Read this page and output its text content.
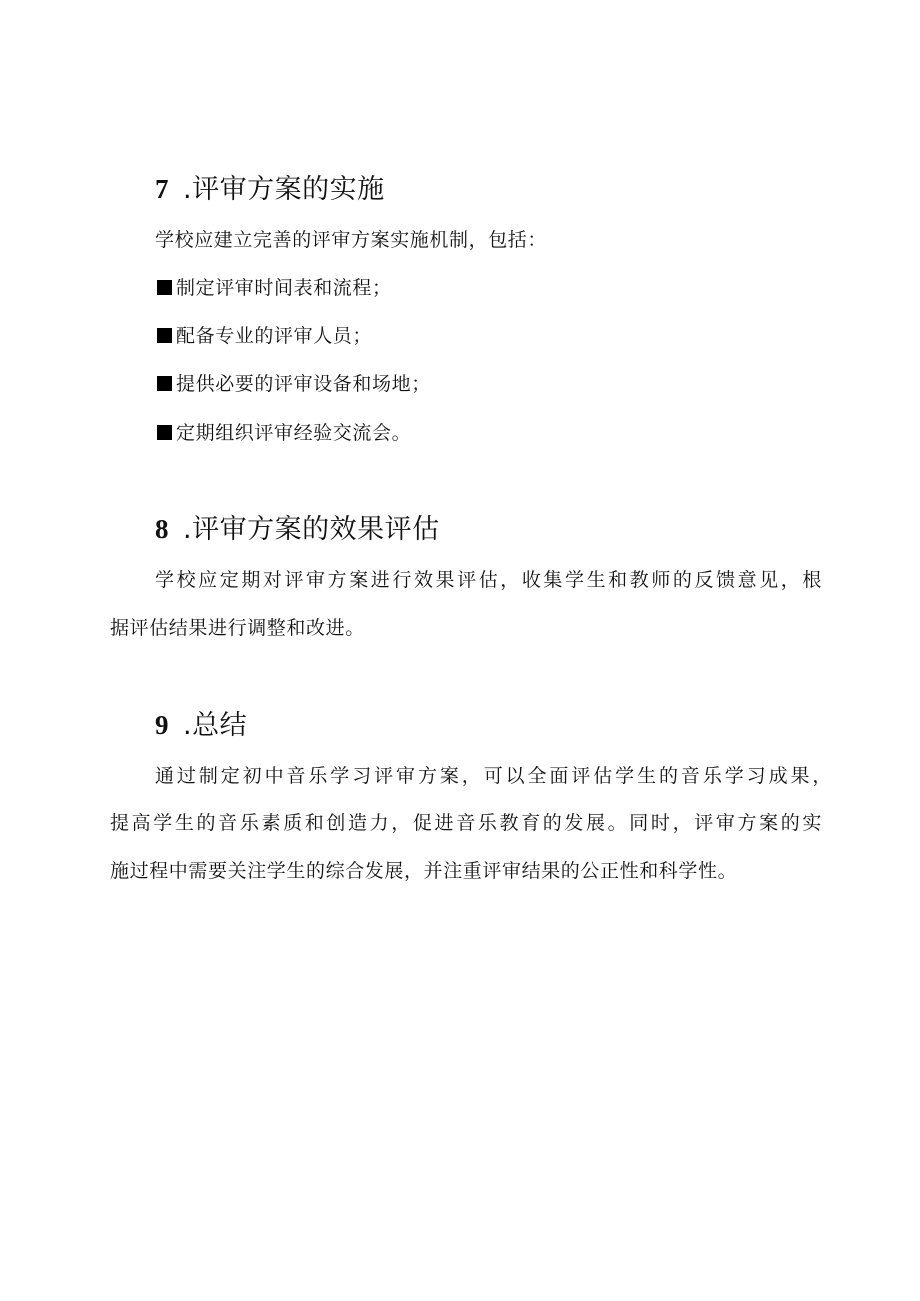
7 .评审方案的实施
学校应建立完善的评审方案实施机制，包括：
制定评审时间表和流程；
配备专业的评审人员；
提供必要的评审设备和场地；
定期组织评审经验交流会。
8 .评审方案的效果评估
学校应定期对评审方案进行效果评估，收集学生和教师的反馈意见，根
据评估结果进行调整和改进。
9 .总结
通过制定初中音乐学习评审方案，可以全面评估学生的音乐学习成果，
提高学生的音乐素质和创造力，促进音乐教育的发展。同时，评审方案的实
施过程中需要关注学生的综合发展，并注重评审结果的公正性和科学性。
